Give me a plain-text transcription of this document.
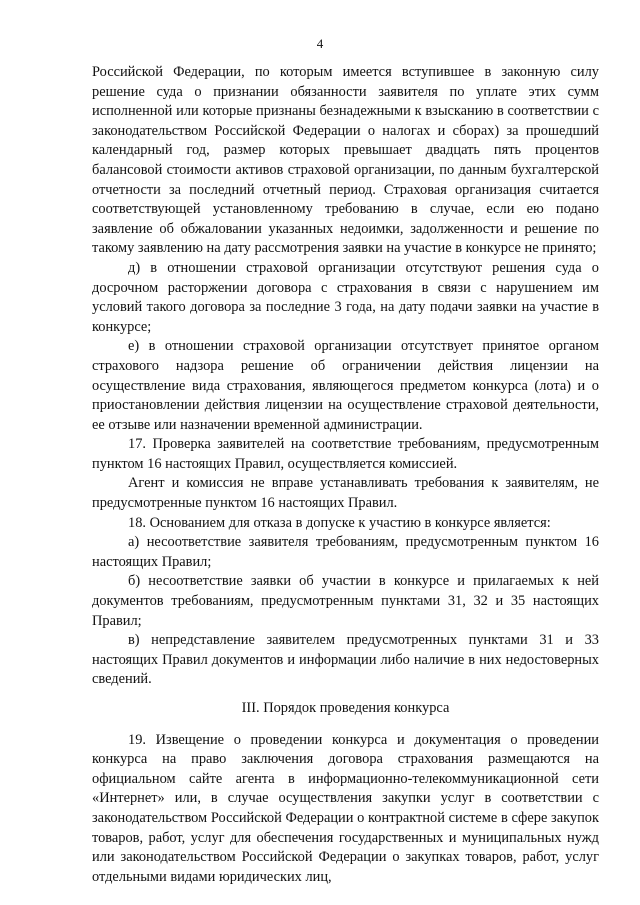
4

Российской Федерации, по которым имеется вступившее в законную силу решение суда о признании обязанности заявителя по уплате этих сумм исполненной или которые признаны безнадежными к взысканию в соответствии с законодательством Российской Федерации о налогах и сборах) за прошедший календарный год, размер которых превышает двадцать пять процентов балансовой стоимости активов страховой организации, по данным бухгалтерской отчетности за последний отчетный период. Страховая организация считается соответствующей установленному требованию в случае, если ею подано заявление об обжаловании указанных недоимки, задолженности и решение по такому заявлению на дату рассмотрения заявки на участие в конкурсе не принято;

д) в отношении страховой организации отсутствуют решения суда о досрочном расторжении договора с страхования в связи с нарушением им условий такого договора за последние 3 года, на дату подачи заявки на участие в конкурсе;

е) в отношении страховой организации отсутствует принятое органом страхового надзора решение об ограничении действия лицензии на осуществление вида страхования, являющегося предметом конкурса (лота) и о приостановлении действия лицензии на осуществление страховой деятельности, ее отзыве или назначении временной администрации.

17. Проверка заявителей на соответствие требованиям, предусмотренным пунктом 16 настоящих Правил, осуществляется комиссией.

Агент и комиссия не вправе устанавливать требования к заявителям, не предусмотренные пунктом 16 настоящих Правил.

18. Основанием для отказа в допуске к участию в конкурсе является:

а) несоответствие заявителя требованиям, предусмотренным пунктом 16 настоящих Правил;

б) несоответствие заявки об участии в конкурсе и прилагаемых к ней документов требованиям, предусмотренным пунктами 31, 32 и 35 настоящих Правил;

в) непредставление заявителем предусмотренных пунктами 31 и 33 настоящих Правил документов и информации либо наличие в них недостоверных сведений.

III. Порядок проведения конкурса

19. Извещение о проведении конкурса и документация о проведении конкурса на право заключения договора страхования размещаются на официальном сайте агента в информационно-телекоммуникационной сети «Интернет» или, в случае осуществления закупки услуг в соответствии с законодательством Российской Федерации о контрактной системе в сфере закупок товаров, работ, услуг для обеспечения государственных и муниципальных нужд или законодательством Российской Федерации о закупках товаров, работ, услуг отдельными видами юридических лиц,
